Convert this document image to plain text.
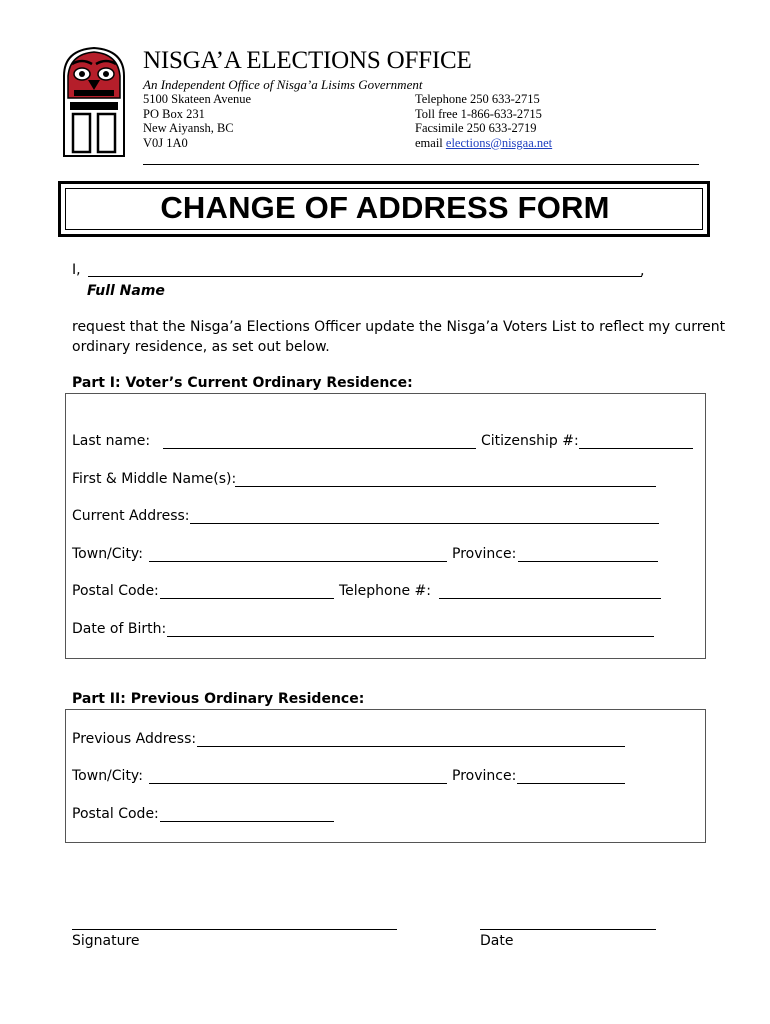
NISGA’A ELECTIONS OFFICE
An Independent Office of Nisga’a Lisims Government
5100 Skateen Avenue
PO Box 231
New Aiyansh, BC
V0J 1A0
Telephone 250 633-2715
Toll free 1-866-633-2715
Facsimile 250 633-2719
email elections@nisgaa.net
CHANGE OF ADDRESS FORM
I,	,
Full Name
request that the Nisga’a Elections Officer update the Nisga’a Voters List to reflect my current
ordinary residence, as set out below.
Part I: Voter’s Current Ordinary Residence:
Last name:	Citizenship #:
First & Middle Name(s):
Current Address:
Town/City:	Province:
Postal Code:	Telephone #:
Date of Birth:
Part II: Previous Ordinary Residence:
Previous Address:
Town/City:	Province:
Postal Code:
Signature	Date
